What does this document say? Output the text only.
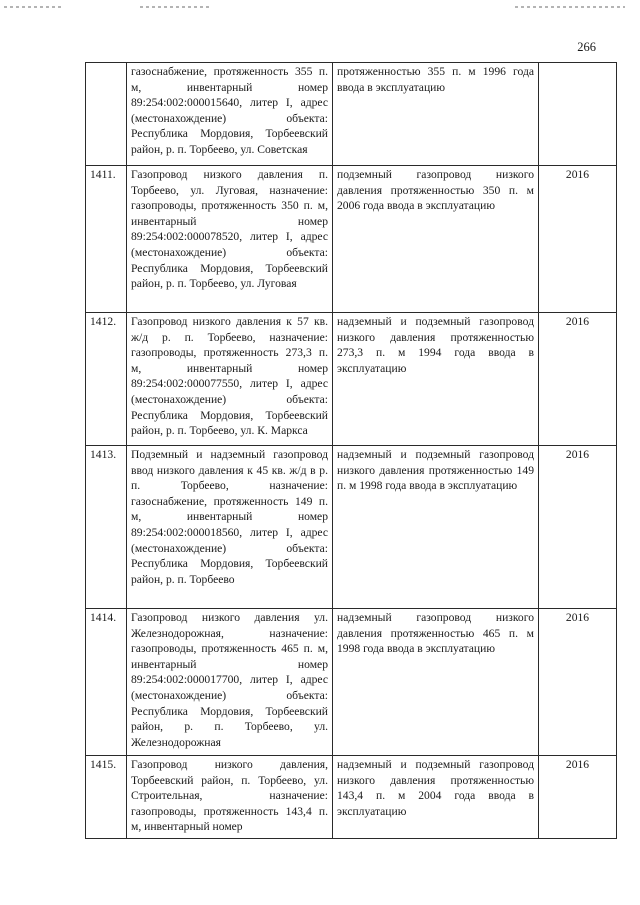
266
	газоснабжение, протяженность 355 п. м, инвентарный номер 89:254:002:000015640, литер I, адрес (местонахождение) объекта: Республика Мордовия, Торбеевский район, р. п. Торбеево, ул. Советская	протяженностью 355 п. м 1996 года ввода в эксплуатацию	
1411.	Газопровод низкого давления п. Торбеево, ул. Луговая, назначение: газопроводы, протяженность 350 п. м, инвентарный номер 89:254:002:000078520, литер I, адрес (местонахождение) объекта: Республика Мордовия, Торбеевский район, р. п. Торбеево, ул. Луговая	подземный газопровод низкого давления протяженностью 350 п. м 2006 года ввода в эксплуатацию	2016
1412.	Газопровод низкого давления к 57 кв. ж/д р. п. Торбеево, назначение: газопроводы, протяженность 273,3 п. м, инвентарный номер 89:254:002:000077550, литер I, адрес (местонахождение) объекта: Республика Мордовия, Торбеевский район, р. п. Торбеево, ул. К. Маркса	надземный и подземный газопровод низкого давления протяженностью 273,3 п. м 1994 года ввода в эксплуатацию	2016
1413.	Подземный и надземный газопровод ввод низкого давления к 45 кв. ж/д в р. п. Торбеево, назначение: газоснабжение, протяженность 149 п. м, инвентарный номер 89:254:002:000018560, литер I, адрес (местонахождение) объекта: Республика Мордовия, Торбеевский район, р. п. Торбеево	надземный и подземный газопровод низкого давления протяженностью 149 п. м 1998 года ввода в эксплуатацию	2016
1414.	Газопровод низкого давления ул. Железнодорожная, назначение: газопроводы, протяженность 465 п. м, инвентарный номер 89:254:002:000017700, литер I, адрес (местонахождение) объекта: Республика Мордовия, Торбеевский район, р. п. Торбеево, ул. Железнодорожная	надземный газопровод низкого давления протяженностью 465 п. м 1998 года ввода в эксплуатацию	2016
1415.	Газопровод низкого давления, Торбеевский район, п. Торбеево, ул. Строительная, назначение: газопроводы, протяженность 143,4 п. м, инвентарный номер	надземный и подземный газопровод низкого давления протяженностью 143,4 п. м 2004 года ввода в эксплуатацию	2016
